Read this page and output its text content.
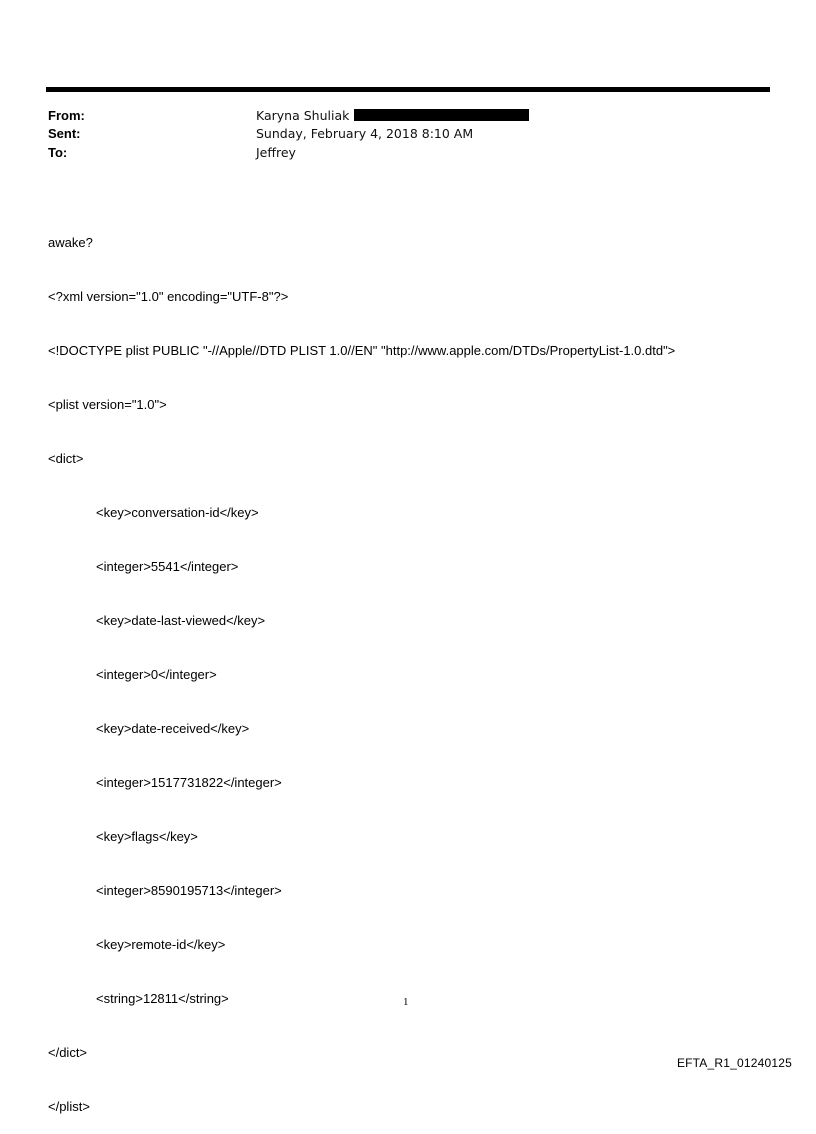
From:	Karyna Shuliak
Sent:	Sunday, February 4, 2018 8:10 AM
To:	Jeffrey

awake?

<?xml version="1.0" encoding="UTF-8"?>

<!DOCTYPE plist PUBLIC "-//Apple//DTD PLIST 1.0//EN" "http://www.apple.com/DTDs/PropertyList-1.0.dtd">

<plist version="1.0">

<dict>

<key>conversation-id</key>

<integer>5541</integer>

<key>date-last-viewed</key>

<integer>0</integer>

<key>date-received</key>

<integer>1517731822</integer>

<key>flags</key>

<integer>8590195713</integer>

<key>remote-id</key>

<string>12811</string>

</dict>

</plist>

1
EFTA_R1_01240125
